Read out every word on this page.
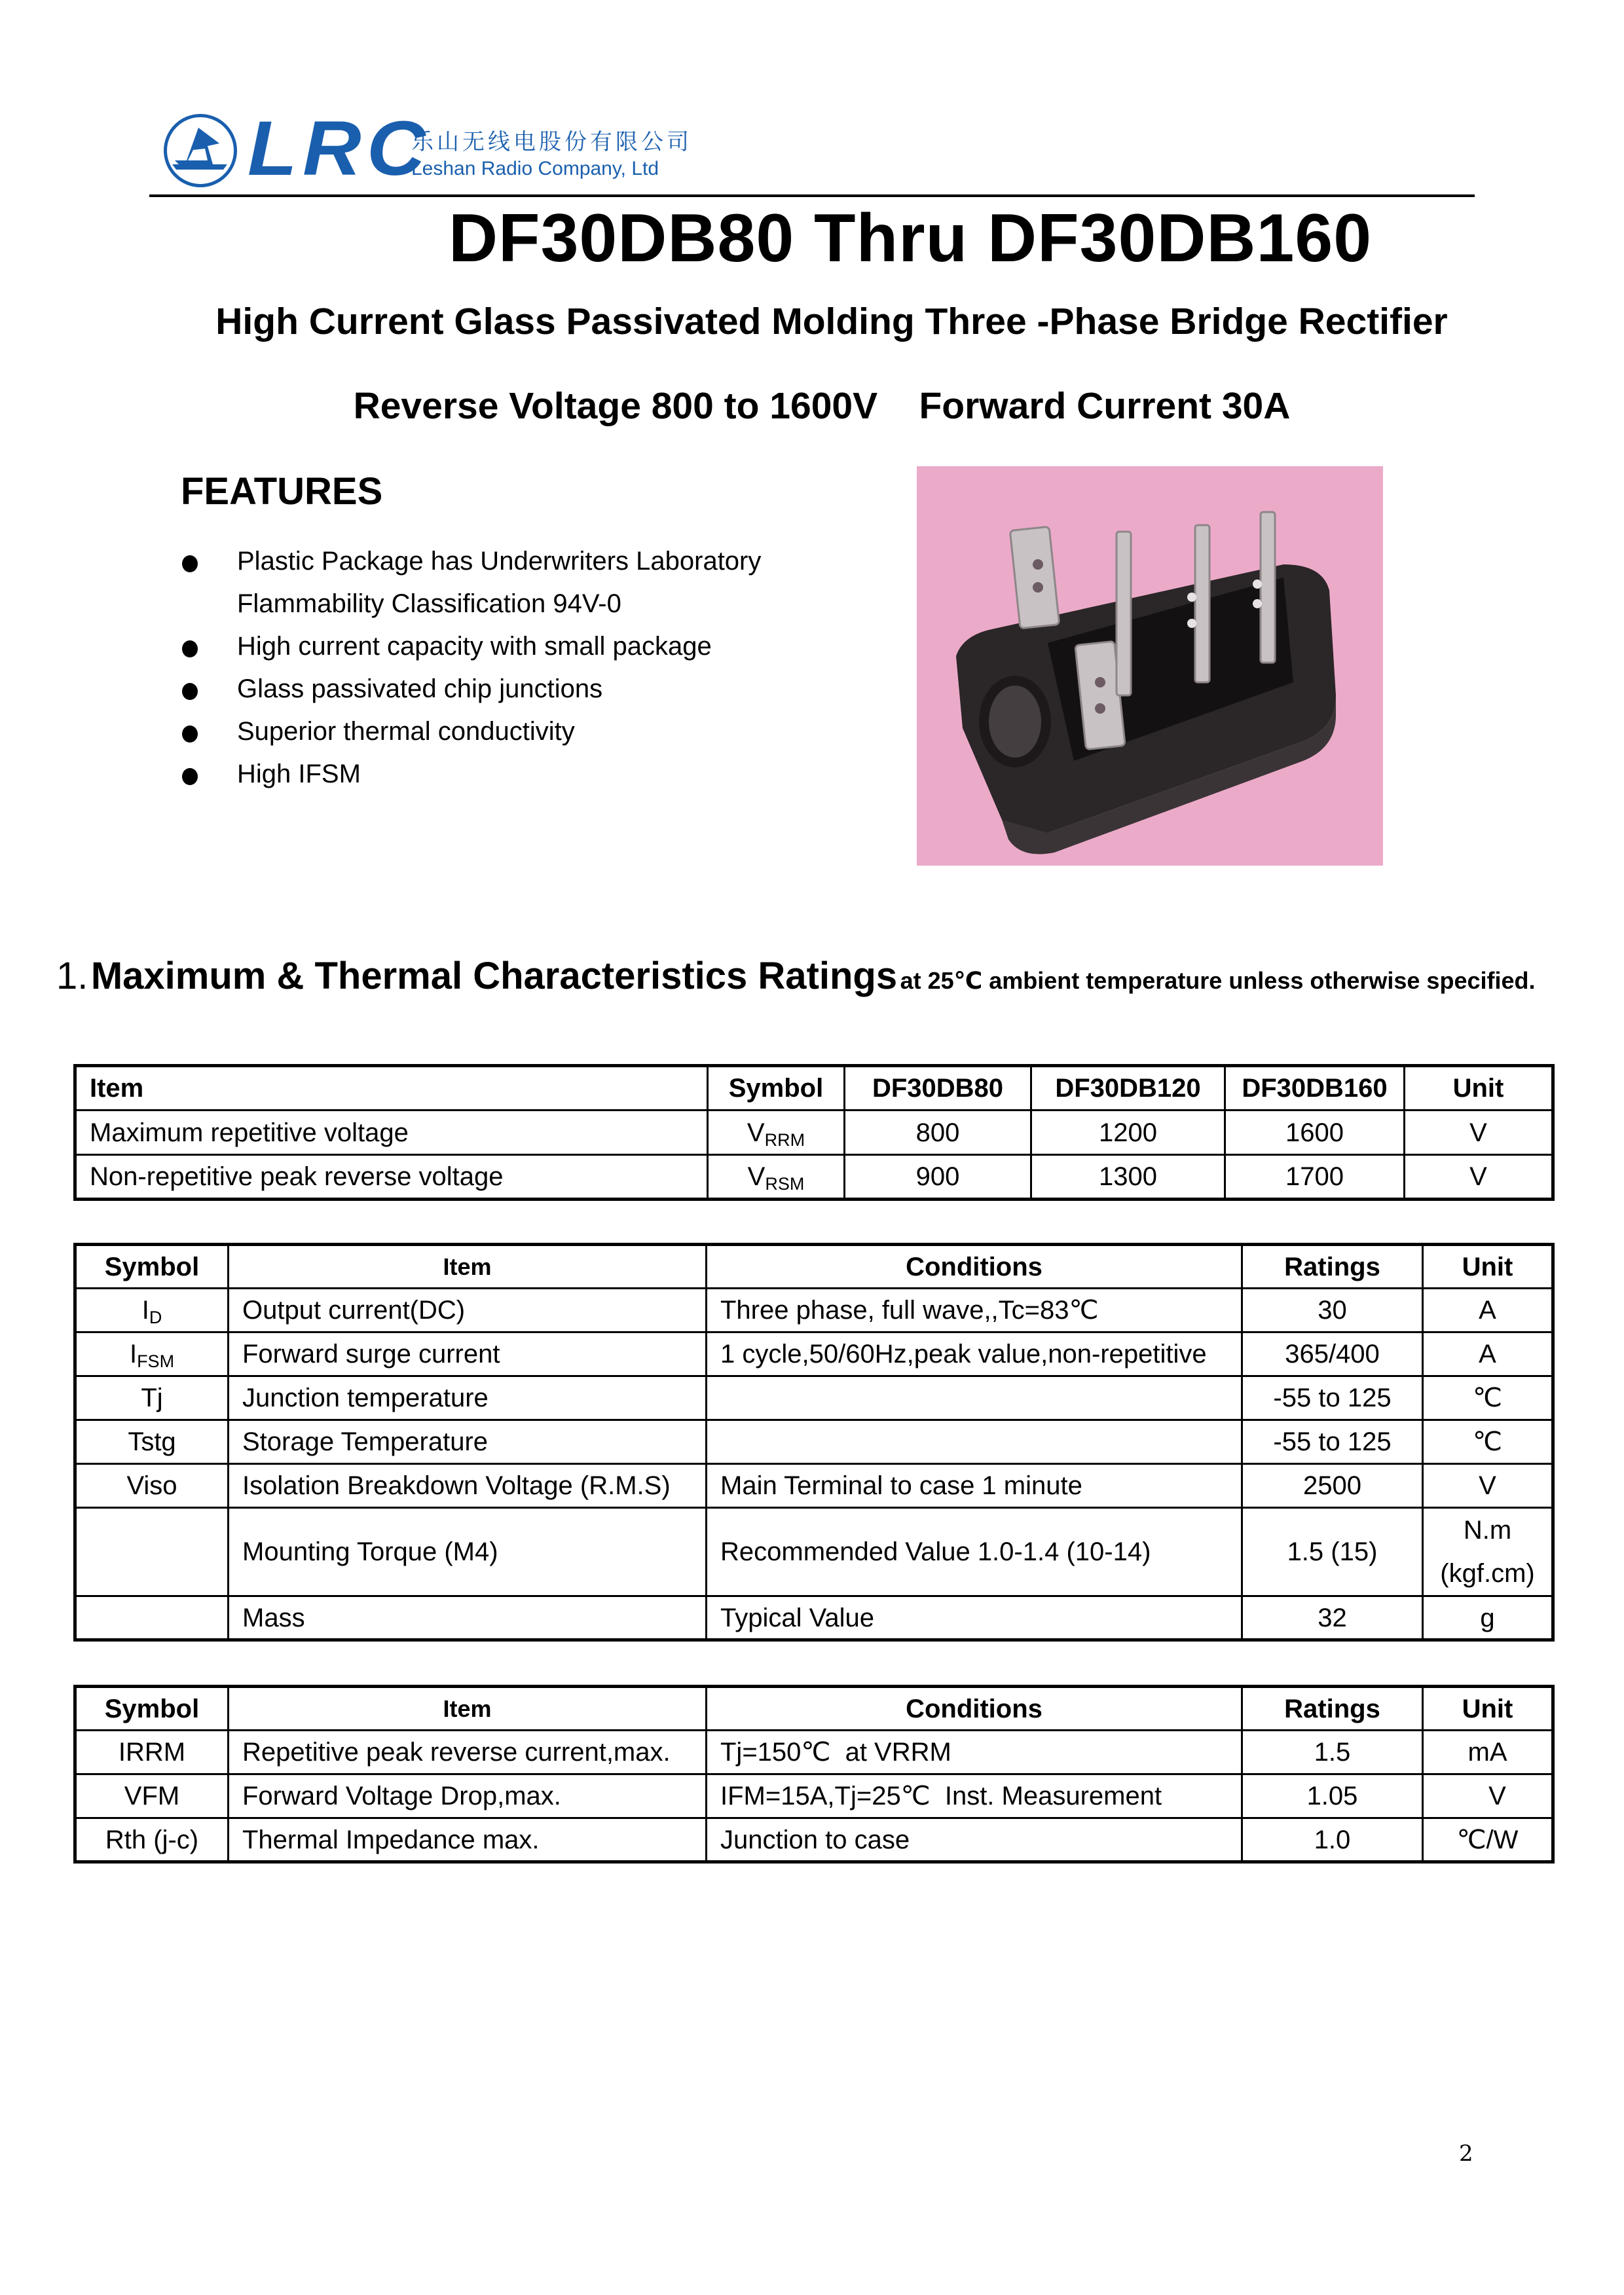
LRC
乐山无线电股份有限公司
Leshan Radio Company, Ltd
DF30DB80 Thru DF30DB160
High Current Glass Passivated Molding Three -Phase Bridge Rectifier
Reverse Voltage 800 to 1600V    Forward Current 30A
FEATURES
Plastic Package has Underwriters Laboratory
Flammability Classification 94V-0
High current capacity with small package
Glass passivated chip junctions
Superior thermal conductivity
High IFSM
1. Maximum & Thermal Characteristics Ratings at 25℃ ambient temperature unless otherwise specified.
Item	Symbol	DF30DB80	DF30DB120	DF30DB160	Unit
Maximum repetitive voltage	$V_{RRM}$	800	1200	1600	V
Non-repetitive peak reverse voltage	$V_{RSM}$	900	1300	1700	V
Symbol	Item	Conditions	Ratings	Unit
$I_D$	Output current(DC)	Three phase, full wave,,Tc=83℃	30	A
$I_{FSM}$	Forward surge current	1 cycle,50/60Hz,peak value,non-repetitive	365/400	A
Tj	Junction temperature		-55 to 125	℃
Tstg	Storage Temperature		-55 to 125	℃
Viso	Isolation Breakdown Voltage (R.M.S)	Main Terminal to case 1 minute	2500	V
	Mounting Torque (M4)	Recommended Value 1.0-1.4 (10-14)	1.5 (15)	N.m
(kgf.cm)

	Mass	Typical Value	32	g
Symbol	Item	Conditions	Ratings	Unit
IRRM	Repetitive peak reverse current,max.	Tj=150℃  at VRRM	1.5	mA
VFM	Forward Voltage Drop,max.	IFM=15A,Tj=25℃  Inst. Measurement	1.05	V
Rth (j-c)	Thermal Impedance max.	Junction to case	1.0	℃/W
2
